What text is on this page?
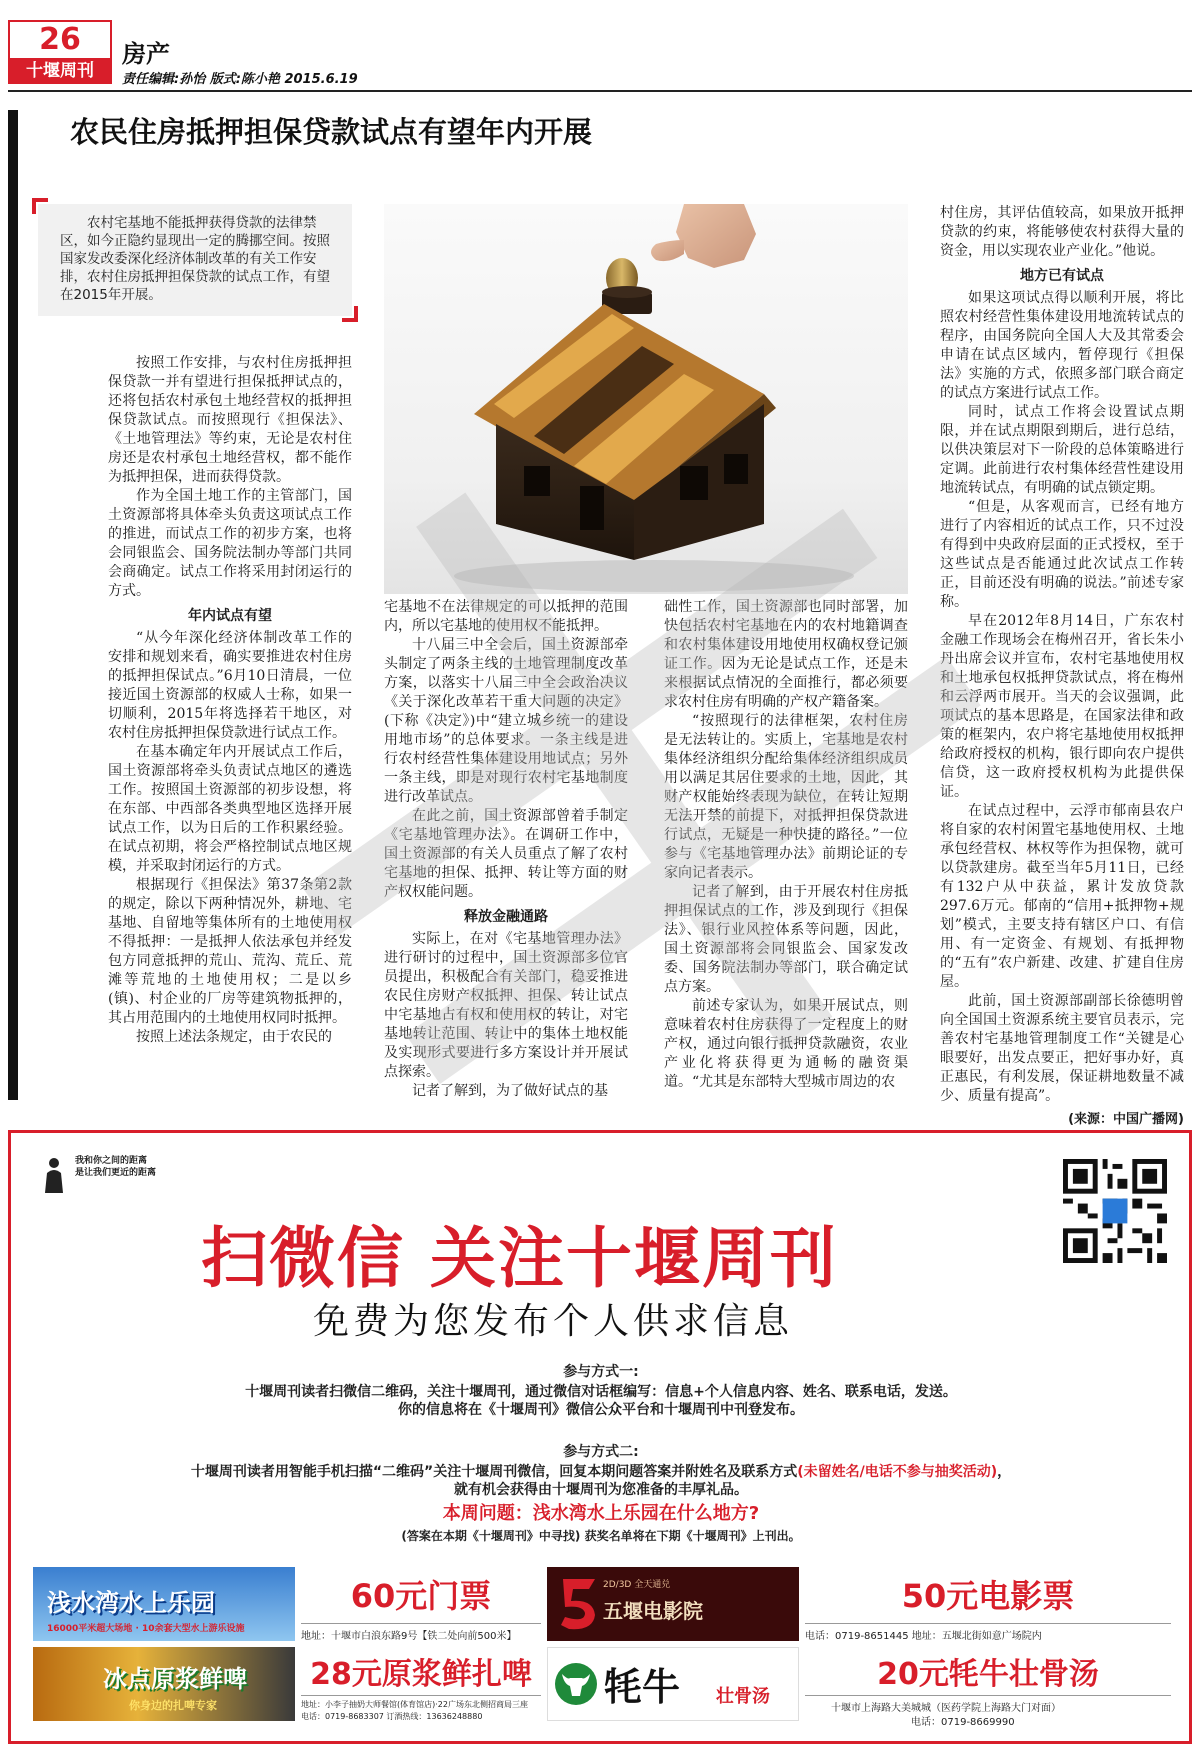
26
十堰周刊
房产
责任编辑:孙怡 版式:陈小艳 2015.6.19
农民住房抵押担保贷款试点有望年内开展
农村宅基地不能抵押获得贷款的法律禁区，如今正隐约显现出一定的腾挪空间。按照国家发改委深化经济体制改革的有关工作安排，农村住房抵押担保贷款的试点工作，有望在2015年开展。

按照工作安排，与农村住房抵押担保贷款一并有望进行担保抵押试点的，还将包括农村承包土地经营权的抵押担保贷款试点。而按照现行《担保法》、《土地管理法》等约束，无论是农村住房还是农村承包土地经营权，都不能作为抵押担保，进而获得贷款。

作为全国土地工作的主管部门，国土资源部将具体牵头负责这项试点工作的推进，而试点工作的初步方案，也将会同银监会、国务院法制办等部门共同会商确定。试点工作将采用封闭运行的方式。

年内试点有望

“从今年深化经济体制改革工作的安排和规划来看，确实要推进农村住房的抵押担保试点。”6月10日清晨，一位接近国土资源部的权威人士称，如果一切顺利，2015年将选择若干地区，对农村住房抵押担保贷款进行试点工作。

在基本确定年内开展试点工作后，国土资源部将牵头负责试点地区的遴选工作。按照国土资源部的初步设想，将在东部、中西部各类典型地区选择开展试点工作，以为日后的工作积累经验。在试点初期，将会严格控制试点地区规模，并采取封闭运行的方式。

根据现行《担保法》第37条第2款的规定，除以下两种情况外，耕地、宅基地、自留地等集体所有的土地使用权不得抵押：一是抵押人依法承包并经发包方同意抵押的荒山、荒沟、荒丘、荒滩等荒地的土地使用权；二是以乡(镇)、村企业的厂房等建筑物抵押的，其占用范围内的土地使用权同时抵押。

按照上述法条规定，由于农民的

宅基地不在法律规定的可以抵押的范围内，所以宅基地的使用权不能抵押。

十八届三中全会后，国土资源部牵头制定了两条主线的土地管理制度改革方案，以落实十八届三中全会政治决议《关于深化改革若干重大问题的决定》(下称《决定》)中“建立城乡统一的建设用地市场”的总体要求。一条主线是进行农村经营性集体建设用地试点；另外一条主线，即是对现行农村宅基地制度进行改革试点。

在此之前，国土资源部曾着手制定《宅基地管理办法》。在调研工作中，国土资源部的有关人员重点了解了农村宅基地的担保、抵押、转让等方面的财产权权能问题。

释放金融通路

实际上，在对《宅基地管理办法》进行研讨的过程中，国土资源部多位官员提出，积极配合有关部门，稳妥推进农民住房财产权抵押、担保、转让试点中宅基地占有权和使用权的转让，对宅基地转让范围、转让中的集体土地权能及实现形式要进行多方案设计并开展试点探索。

记者了解到，为了做好试点的基

础性工作，国土资源部也同时部署，加快包括农村宅基地在内的农村地籍调查和农村集体建设用地使用权确权登记颁证工作。因为无论是试点工作，还是未来根据试点情况的全面推行，都必须要求农村住房有明确的产权产籍备案。

“按照现行的法律框架，农村住房是无法转让的。实质上，宅基地是农村集体经济组织分配给集体经济组织成员用以满足其居住要求的土地，因此，其财产权能始终表现为缺位，在转让短期无法开禁的前提下，对抵押担保贷款进行试点，无疑是一种快捷的路径。”一位参与《宅基地管理办法》前期论证的专家向记者表示。

记者了解到，由于开展农村住房抵押担保试点的工作，涉及到现行《担保法》、银行业风控体系等问题，因此，国土资源部将会同银监会、国家发改委、国务院法制办等部门，联合确定试点方案。

前述专家认为，如果开展试点，则意味着农村住房获得了一定程度上的财产权，通过向银行抵押贷款融资，农业产业化将获得更为通畅的融资渠道。“尤其是东部特大型城市周边的农

村住房，其评估值较高，如果放开抵押贷款的约束，将能够使农村获得大量的资金，用以实现农业产业化。”他说。

地方已有试点

如果这项试点得以顺利开展，将比照农村经营性集体建设用地流转试点的程序，由国务院向全国人大及其常委会申请在试点区域内，暂停现行《担保法》实施的方式，依照多部门联合商定的试点方案进行试点工作。

同时，试点工作将会设置试点期限，并在试点期限到期后，进行总结，以供决策层对下一阶段的总体策略进行定调。此前进行农村集体经营性建设用地流转试点，有明确的试点锁定期。

“但是，从客观而言，已经有地方进行了内容相近的试点工作，只不过没有得到中央政府层面的正式授权，至于这些试点是否能通过此次试点工作转正，目前还没有明确的说法。”前述专家称。

早在2012年8月14日，广东农村金融工作现场会在梅州召开，省长朱小丹出席会议并宣布，农村宅基地使用权和土地承包权抵押贷款试点，将在梅州和云浮两市展开。当天的会议强调，此项试点的基本思路是，在国家法律和政策的框架内，农户将宅基地使用权抵押给政府授权的机构，银行即向农户提供信贷，这一政府授权机构为此提供保证。

在试点过程中，云浮市郁南县农户将自家的农村闲置宅基地使用权、土地承包经营权、林权等作为担保物，就可以贷款建房。截至当年5月11日，已经有132户从中获益，累计发放贷款297.6万元。郁南的“信用+抵押物+规划”模式，主要支持有辖区户口、有信用、有一定资金、有规划、有抵押物的“五有”农户新建、改建、扩建自住房屋。

此前，国土资源部副部长徐德明曾向全国国土资源系统主要官员表示，完善农村宅基地管理制度工作“关键是心眼要好，出发点要正，把好事办好，真正惠民，有利发展，保证耕地数量不减少、质量有提高”。

(来源：中国广播网)
我和你之间的距离
是让我们更近的距离
扫微信 关注十堰周刊
免费为您发布个人供求信息
参与方式一:
十堰周刊读者扫微信二维码，关注十堰周刊，通过微信对话框编写：信息+个人信息内容、姓名、联系电话，发送。
你的信息将在《十堰周刊》微信公众平台和十堰周刊中刊登发布。
参与方式二:
十堰周刊读者用智能手机扫描“二维码”关注十堰周刊微信，回复本期问题答案并附姓名及联系方式(未留姓名/电话不参与抽奖活动)，
就有机会获得由十堰周刊为您准备的丰厚礼品。
本周问题：浅水湾水上乐园在什么地方?
(答案在本期《十堰周刊》中寻找) 获奖名单将在下期《十堰周刊》上刊出。
浅水湾水上乐园
16000平米超大场地 · 10余套大型水上游乐设施
60元门票
地址：十堰市白浪东路9号【铁二处向前500米】
2D/3D 全天通兑
五堰电影院	50元电影票
电话：0719-8651445 地址：五堰北街如意广场院内
冰点原浆鲜啤
你身边的扎啤专家
28元原浆鲜扎啤
地址：小李子抽奶大师餐馆(体育馆店)·22广场东北侧招商局三座
电话：0719-8683307 订酒热线：13636248880
牦牛 壮骨汤
20元牦牛壮骨汤
十堰市上海路大美城城（医药学院上海路大门对面）
电话：0719-8669990
